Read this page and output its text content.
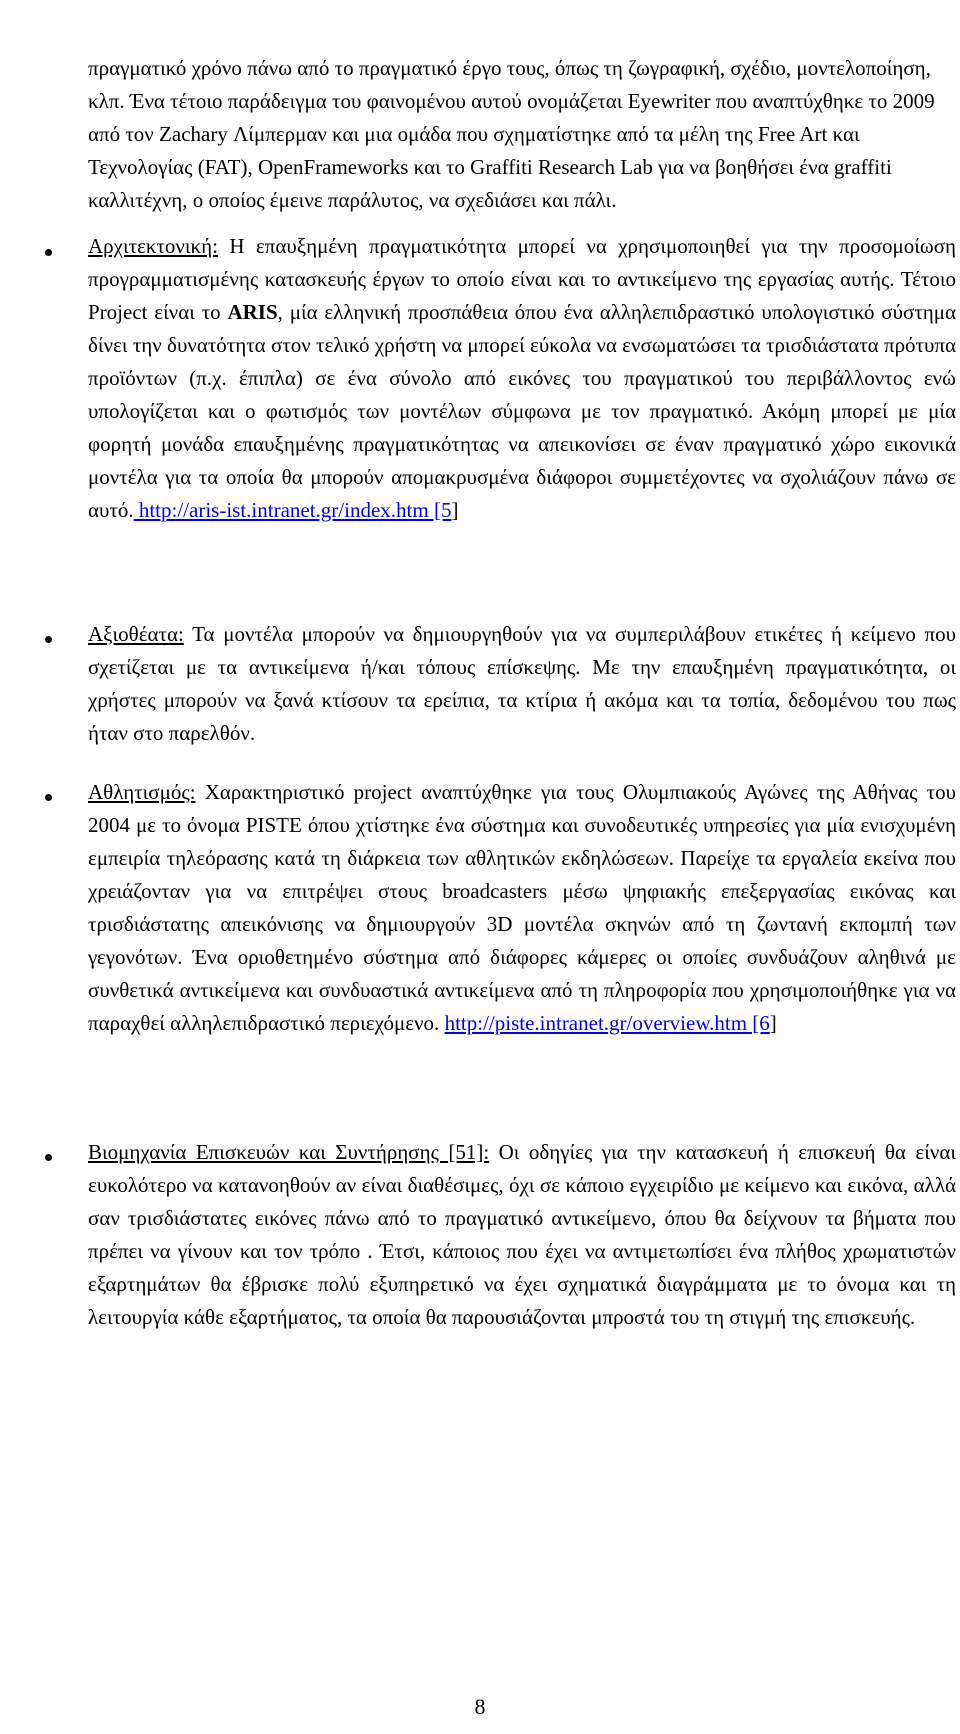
πραγματικό χρόνο πάνω από το πραγματικό έργο τους, όπως τη ζωγραφική, σχέδιο, μοντελοποίηση, κλπ. Ένα τέτοιο παράδειγμα του φαινομένου αυτού ονομάζεται Eyewriter που αναπτύχθηκε το 2009 από τον Zachary Λίμπερμαν και μια ομάδα που σχηματίστηκε από τα μέλη της Free Art και Τεχνολογίας (FAT), OpenFrameworks και το Graffiti Research Lab για να βοηθήσει ένα graffiti καλλιτέχνη, ο οποίος έμεινε παράλυτος, να σχεδιάσει και πάλι.

Αρχιτεκτονική: Η επαυξημένη πραγματικότητα μπορεί να χρησιμοποιηθεί για την προσομοίωση προγραμματισμένης κατασκευής έργων το οποίο είναι και το αντικείμενο της εργασίας αυτής. Τέτοιο Project είναι το ARIS, μία ελληνική προσπάθεια όπου ένα αλληλεπιδραστικό υπολογιστικό σύστημα δίνει την δυνατότητα στον τελικό χρήστη να μπορεί εύκολα να ενσωματώσει τα τρισδιάστατα πρότυπα προϊόντων (π.χ. έπιπλα) σε ένα σύνολο από εικόνες του πραγματικού του περιβάλλοντος ενώ υπολογίζεται και ο φωτισμός των μοντέλων σύμφωνα με τον πραγματικό. Ακόμη μπορεί με μία φορητή μονάδα επαυξημένης πραγματικότητας να απεικονίσει σε έναν πραγματικό χώρο εικονικά μοντέλα για τα οποία θα μπορούν απομακρυσμένα διάφοροι συμμετέχοντες να σχολιάζουν πάνω σε αυτό. http://aris-ist.intranet.gr/index.htm [5]

Αξιοθέατα: Τα μοντέλα μπορούν να δημιουργηθούν για να συμπεριλάβουν ετικέτες ή κείμενο που σχετίζεται με τα αντικείμενα ή/και τόπους επίσκεψης. Με την επαυξημένη πραγματικότητα, οι χρήστες μπορούν να ξανά κτίσουν τα ερείπια, τα κτίρια ή ακόμα και τα τοπία, δεδομένου του πως ήταν στο παρελθόν.

Αθλητισμός: Χαρακτηριστικό project αναπτύχθηκε για τους Ολυμπιακούς Αγώνες της Αθήνας του 2004 με το όνομα PISTE όπου χτίστηκε ένα σύστημα και συνοδευτικές υπηρεσίες για μία ενισχυμένη εμπειρία τηλεόρασης κατά τη διάρκεια των αθλητικών εκδηλώσεων. Παρείχε τα εργαλεία εκείνα που χρειάζονταν για να επιτρέψει στους broadcasters μέσω ψηφιακής επεξεργασίας εικόνας και τρισδιάστατης απεικόνισης να δημιουργούν 3D μοντέλα σκηνών από τη ζωντανή εκπομπή των γεγονότων. Ένα οριοθετημένο σύστημα από διάφορες κάμερες οι οποίες συνδυάζουν αληθινά με συνθετικά αντικείμενα και συνδυαστικά αντικείμενα από τη πληροφορία που χρησιμοποιήθηκε για να παραχθεί αλληλεπιδραστικό περιεχόμενο. http://piste.intranet.gr/overview.htm [6]

Βιομηχανία Επισκευών και Συντήρησης [51]: Οι οδηγίες για την κατασκευή ή επισκευή θα είναι ευκολότερο να κατανοηθούν αν είναι διαθέσιμες, όχι σε κάποιο εγχειρίδιο με κείμενο και εικόνα, αλλά σαν τρισδιάστατες εικόνες πάνω από το πραγματικό αντικείμενο, όπου θα δείχνουν τα βήματα που πρέπει να γίνουν και τον τρόπο . Έτσι, κάποιος που έχει να αντιμετωπίσει ένα πλήθος χρωματιστών εξαρτημάτων θα έβρισκε πολύ εξυπηρετικό να έχει σχηματικά διαγράμματα με το όνομα και τη λειτουργία κάθε εξαρτήματος, τα οποία θα παρουσιάζονται μπροστά του τη στιγμή της επισκευής.

8
